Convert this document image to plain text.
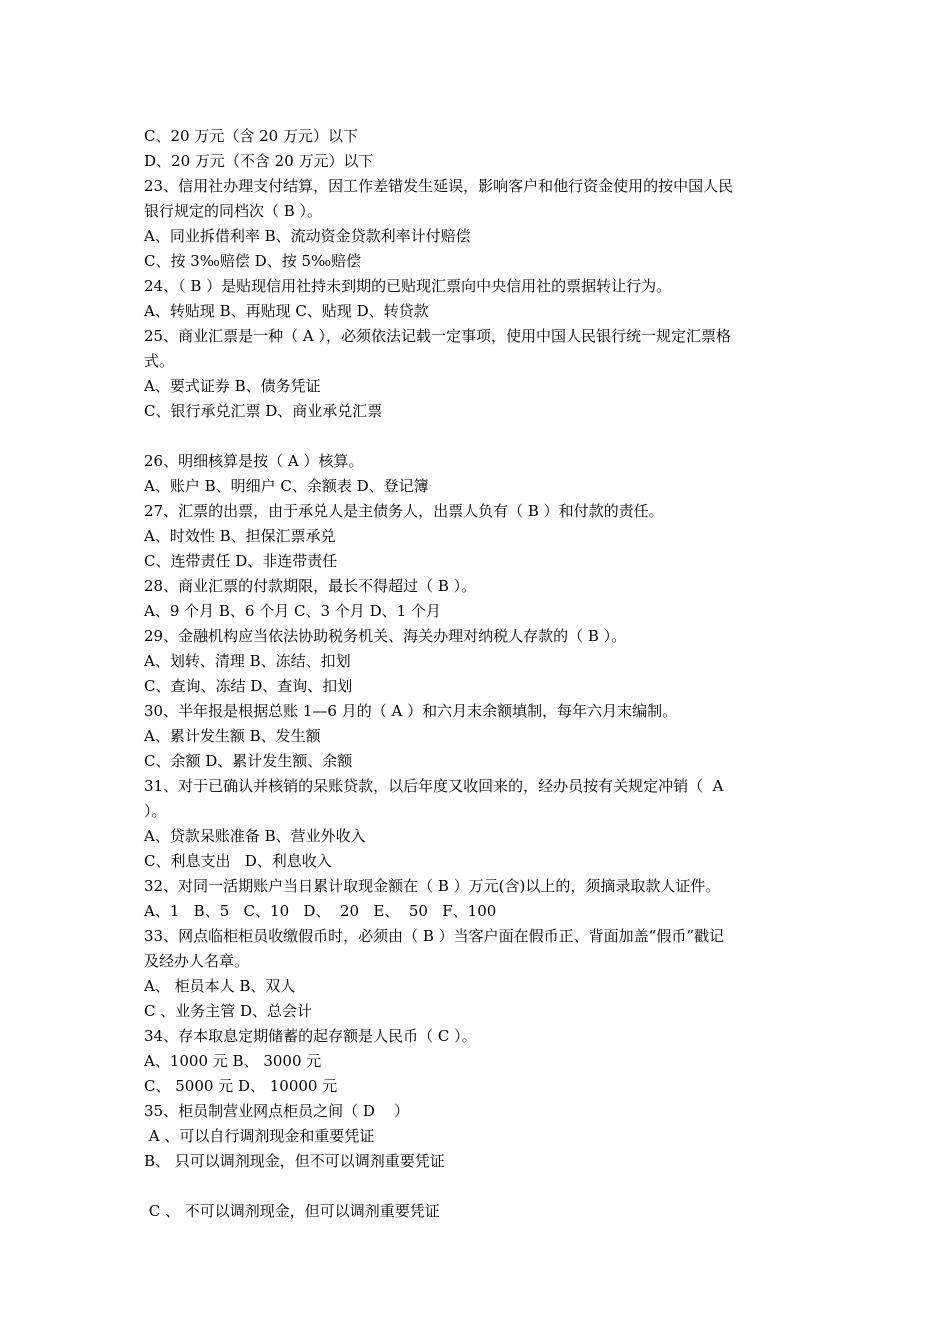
C、20 万元（含 20 万元）以下
D、20 万元（不含 20 万元）以下
23、信用社办理支付结算，因工作差错发生延误，影响客户和他行资金使用的按中国人民
银行规定的同档次（ B ）。
A、同业拆借利率 B、流动资金贷款利率计付赔偿
C、按 3‰赔偿 D、按 5‰赔偿
24、（ B ）是贴现信用社持未到期的已贴现汇票向中央信用社的票据转让行为。
A、转贴现 B、再贴现 C、贴现 D、转贷款
25、商业汇票是一种（ A ），必须依法记载一定事项，使用中国人民银行统一规定汇票格
式。
A、要式证券 B、债务凭证
C、银行承兑汇票 D、商业承兑汇票
26、明细核算是按（ A ）核算。
A、账户 B、明细户 C、余额表 D、登记簿
27、汇票的出票，由于承兑人是主债务人，出票人负有（ B ）和付款的责任。
A、时效性 B、担保汇票承兑
C、连带责任 D、非连带责任
28、商业汇票的付款期限，最长不得超过（ B ）。
A、9 个月 B、6 个月 C、3 个月 D、1 个月
29、金融机构应当依法协助税务机关、海关办理对纳税人存款的（ B ）。
A、划转、清理 B、冻结、扣划
C、查询、冻结 D、查询、扣划
30、半年报是根据总账 1—6 月的（ A ）和六月末余额填制，每年六月末编制。
A、累计发生额 B、发生额
C、余额 D、累计发生额、余额
31、对于已确认并核销的呆账贷款，以后年度又收回来的，经办员按有关规定冲销（  A
）。
A、贷款呆账准备 B、营业外收入
C、利息支出   D、利息收入
32、对同一活期账户当日累计取现金额在（ B ）万元(含)以上的，须摘录取款人证件。
A、1   B、5   C、10   D、  20   E、  50   F、100
33、网点临柜柜员收缴假币时，必须由（ B ）当客户面在假币正、背面加盖“假币”戳记
及经办人名章。
A、 柜员本人 B、双人
C 、业务主管 D、总会计
34、存本取息定期储蓄的起存额是人民币（ C ）。
A、1000 元 B、 3000 元
C、 5000 元 D、 10000 元
35、柜员制营业网点柜员之间（ D    ）
A 、可以自行调剂现金和重要凭证
B、 只可以调剂现金，但不可以调剂重要凭证
C 、 不可以调剂现金，但可以调剂重要凭证
